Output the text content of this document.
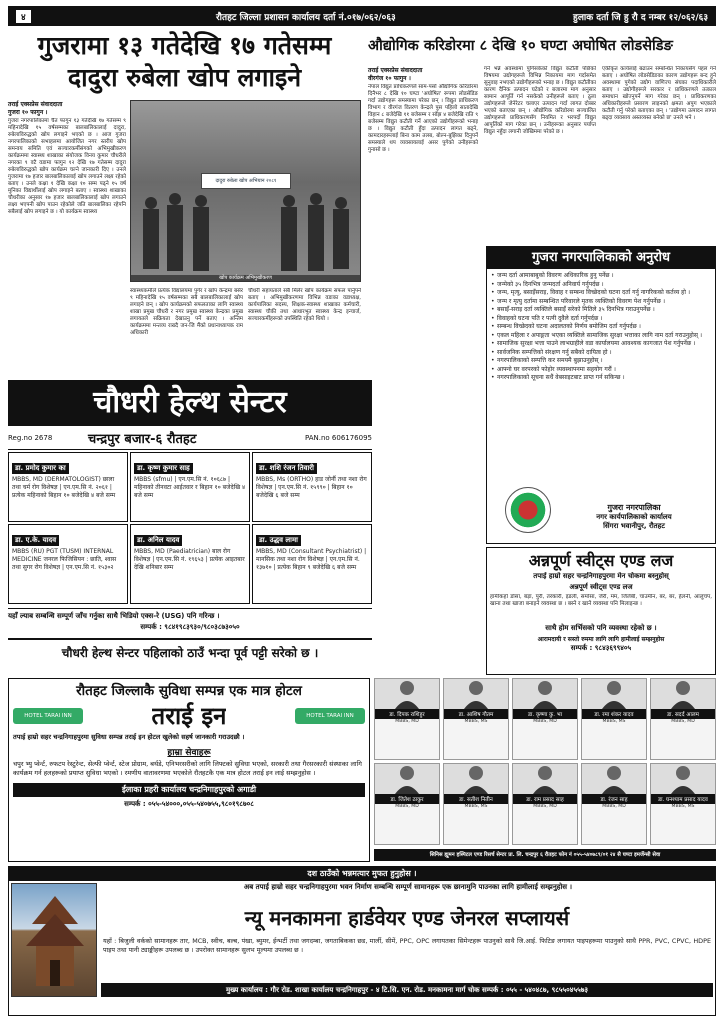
४	रौतहट जिल्ला प्रशासन कार्यालय दर्ता नं.०१७/०६२/०६३	हुलाक दर्ता जि हु रौ द नम्बर १२/०६२/६३
गुजरामा १३ गतेदेखि १७ गतेसम्म
दादुरा रुबेला खोप लगाइने
तराई एक्सप्रेस संवाददाता
गुजरा १० फागुन ।
गुजरा नगरपालिकामा चैत फागुन १३ गतेदेखि १७ गतेसम्म ९ महिनादेखि १५ वर्षसम्मका बालबालिकालाई दादुरा, रुबेलाविरुद्धको खोप लगाइने भएको छ । आज गुजरा नगरपालिकाको सभाहलमा आयोजित नगर स्तरीय खोप समन्वय समिति एवं सञ्चारकर्मीसंगको अभिमुखीकरण कार्यक्रममा स्वास्थ्य शाखाका संयोजक विनय कुमार चौधरीले नगरका ९ वटै वडामा फागुन १२ देखि १७ गतेसम्म दादुरा रुबेलाविरुद्धको खोप कार्यक्रम चल्ने जानकारी दिए । उनले गुजरामा १७ हजार बालबालिकालाई खोप लगाउने लक्ष्य रहेको बताए । उनले कक्षा १ देखि कक्षा १० सम्म पढ्ने १५ वर्ष मुनिका विद्यार्थीलाई खोप लगाइने बताए । स्वास्थ्य शाखाका चौधरीका अनुसार १७ हजार बालबालिकालाई खोप लगाउने लक्ष्य भएपनी खोप पाउन रहेकोले जति बालबालिका रहेपनि सबैलाई खोप लगाइने छ । यो कार्यक्रम स्वास्थ्य
दादुरा रुबेला खोप अभियान २०८१
खोप कार्यक्रम अभिमुखीकरण
स्वास्थ्यकर्मीले प्रत्येक विद्यालयमा पुगेर र खोप केन्द्रमा बसेर ९ महिनादेखि १५ वर्षसम्मका सबै बालबालिकालाई खोप लगाइने छन् । खोप कार्यक्रमको सफलताका लागि स्वास्थ्य शाखा प्रमुख चौधरी र नगर प्रमुख स्वास्थ्य केन्द्रका प्रमुख लगायतले सक्रियता देखाउनु पर्ने बताए । अन्तिम कार्यक्रममा मन्तव्य राख्दै जन-जि मैंको प्रधानाध्यापक राम अधिकारी
चौधरी सहायताले सबै मिलेर खोप कार्यक्रम सफल पार्नुपर्ने बताए । अभिमुखीकरणमा विभिन्न वडाका वडाध्यक्ष, कार्यपालिका सदस्य, शिक्षक-स्वास्थ्य शाखाका कर्मचारी, स्वास्थ्य चौकी तथा आधारभूत स्वास्थ्य केन्द्र इन्चार्ज, सञ्चारकर्मीहरूको उपस्थिति रहेको थियो ।
औद्योगिक करिडोरमा ८ देखि १० घण्टा अघोषित लोडसेडिङ
तराई एक्सप्रेस संवाददाता
वीरगंज १० फागुन ।
नेपाल विद्युत प्राधिकरणले साम-पर्सा औद्योगिक करिडोरमा दिनैभर ८ देखि १० घण्टा 'अघोषित' रूपमा लोडसेडिङ गर्दा उद्योगहरू समस्यामा परेका छन् । विद्युत प्राधिकरण विभाग र वीरगंज वितरण केन्द्रले पुस पहिलो सातादेखि विहान ८ बजेदेखि ११ बजेसम्म र साँझ ४ बजेदेखि राति ९ बजेसम्म विद्युत कटौती गर्ने आएको उद्योगीहरूको भनाइ छ । विद्युत कटौती हुँदा उत्पादन लागत बढ्ने, कामदारहरूलाई बिना काम तलब, बोल्न-बुझिका दिनुपर्ने समस्याले थप व्यवसायलाई असर पुगेको उनीहरूको गुनासो छ ।
गर्ने भन्ने अवस्थामा पुगिसकेको विद्युत कटौती पछिको विषयमा उद्योगहरूले विभिन्न निकायमा माग गर्दासमेत सुनुवाइ नभएको उद्योगीहरूको भनाइ छ । विद्युत कटौतीका कारण दैनिक उत्पादन घटेको र बजारमा माग अनुसार सामान आपूर्ति गर्न नसकेको उनीहरूले बताए । ठूला उद्योगहरूले जेनेरेटर चलाएर उत्पादन गर्दा लागत दोब्बर भएको बताएका छन् । औद्योगिक करिडोरमा सञ्चालित उद्योगहरूले प्राधिकरणसँग नियमित र भरपर्दो विद्युत आपूर्तिको माग गरेका छन् । उनीहरूका अनुसार पर्याप्त विद्युत नहुँदा लगानी जोखिममा परेको छ ।
एकीकृत कार्यलाई बढाउन सम्बन्धित निकायसँग पहल गर्ने बताए । अघोषित लोडसेडिङका कारण उद्योगहरू बन्द हुने अवस्थामा पुगेको उद्योग वाणिज्य संघका पदाधिकारीले बताए । उद्योगीहरूले सरकार र प्राधिकरणले तत्काल समाधान खोज्नुपर्ने माग गरेका छन् । प्राधिकरणका अधिकारीहरूले प्रसारण लाइनको क्षमता अपुग भएकाले कटौती गर्नु परेको बताएका छन् । 'उद्योगमा उत्पादन लागत बढ्दा व्यवसाय अस्तव्यस्त बनेको छ' उनले भने ।
गुजरा नगरपालिकाको अनुरोध
• जन्म दर्ता आमाबाबुको विवरण अधिकारिक हुनु पर्नेछ ।
• जन्मेको ३५ दिनभित्र जन्मदर्ता अनिवार्य गर्नुपर्दछ ।
• जन्म, मृत्यु, बसाइँसराइ, विवाह र सम्बन्ध विच्छेदको घटना दर्ता गर्नु नागरिकको कर्तव्य हो ।
• जन्म र मृत्यु दर्तामा सम्बन्धित परिवारले मृतक व्यक्तिको विवरण पेश गर्नुपर्नेछ ।
• बसाइँ-सराइ दर्ता व्यक्तिले बसाइँ सरेको मितिले ३५ दिनभित्र गराउनुपर्नेछ ।
• विवाहको घटना पति र पत्नी दुवैले दर्ता गर्नुपर्दछ ।
• सम्बन्ध विच्छेदको घटना अदालतको निर्णय बमोजिम दर्ता गर्नुपर्दछ ।
• एकल महिला र अपाङ्गता भएका व्यक्तिले सामाजिक सुरक्षा भत्ताका लागि नाम दर्ता गराउनुहोस् ।
• सामाजिक सुरक्षा भत्ता पाउने लाभग्राहीले वडा कार्यालयमा आवश्यक कागजात पेश गर्नुपर्नेछ ।
• सार्वजनिक सम्पत्तिको संरक्षण गर्नु सबैको दायित्व हो ।
• नगरपालिकाको सम्पत्ति कर समयमै बुझाउनुहोस् ।
• आफ्नो घर वरपरको फोहोर व्यवस्थापनमा सहयोग गरौं ।
• नगरपालिकाको सूचना सधैं वेबसाइटबाट प्राप्त गर्न सकिन्छ ।
गुजरा नगरपालिका
नगर कार्यपालिकाको कार्यालय
सिंगरा भवानीपुर, रौतहट
चौधरी हेल्थ सेन्टर
Reg.no 2678	चन्द्रपुर बजार-६ रौतहट	PAN.no 606176095
डा. प्रमोद कुमार का
MBBS, MD (DERMATOLOGIST) छाला तथा चर्म रोग विशेषज्ञ | एन.एम.सि नं. २०६१ | प्रत्येक महिनाको बिहान १० बजेदेखि ४ बजे सम्म
डा. कृष्ण कुमार साह
MBBS (sfmu) | एन.एम.सि नं. १०६८७ | महिनाको तीनवटा आईतवार र बिहान १० बजेदेखि ४ बजे सम्म
डा. शशि रंजन तिवारी
MBBS, Ms (ORTHO) हाड जोर्नी तथा नशा रोग विशेषज्ञ | एन.एम.सि नं. १५९९० | बिहान १० बजेदेखि ६ बजे सम्म
डा. ए.के. यादव
MBBS (RU) PGT (TUSM) INTERNAL MEDICINE जनरल फिजिसियन : छाति, श्वास तथा सुगर रोग विशेषज्ञ | एन.एम.सि नं. १५३०२
डा. अनिल यादव
MBBS, MD (Paediatrician) बाल रोग विशेषज्ञ | एन.एम.सि नं. १९६५३ | प्रत्येक आइतबार देखि शनिबार सम्म
डा. उद्धव लामा
MBBS, MD (Consultant Psychiatrist) | मानसिक तथा नशा रोग विशेषज्ञ | एन.एम.सि नं. १३७१० | प्रत्येक बिहान ९ बजेदेखि ६ बजे सम्म
यहाँ ल्याब सम्बन्धि सम्पूर्ण जाँच गर्नुका साथै भिडियो एक्स-रे (USG) पनि गरिन्छ ।
सम्पर्क : ९८४१९८३९३०/९८०३८७३०५०
चौधरी हेल्थ सेन्टर पहिलाको ठाउँ भन्दा पूर्व पट्टी सरेको छ ।
अन्नपूर्ण स्वीट्स एण्ड लज
तपाई हाम्रो सहर चन्द्रनिगाहपुरमा मेन चोकमा बस्नुहोस्
अन्नपूर्ण स्वीट्स एण्ड लज
हामीकहाँ डोसा, बड़ा, पुरी, तरकारी, इडली, समोसा, जेरी, मम, जिलेबी, चाउमीन, बर, बर, हेलनी, आलुचप, खाना तथा खाजा बनाइने व्यवस्था छ । बस्ने र खाने व्यवस्था पनि मिलाइन्छ ।
साथै होम सर्भिसको पनि व्यवस्था रहेको छ ।
आरामदायी र सस्तो रुममा लागि लागि हामीलाई सम्झनुहोस
सम्पर्क : ९८४३६९९४०५
रौतहट जिल्लाकै सुविधा सम्पन्न एक मात्र होटल
HOTEL TARAI INN	तराई इन	HOTEL TARAI INN
तपाई हाम्रो सहर चन्द्रनिगाहपुरमा सुविधा सम्पन्न तराई इन होटल खुलेको सहर्ष जानकारी गराउदछौ ।
हाम्रा सेवाहरू
चपुर भ्यु प्वेर्न्ट, रुफटप रेस्टुरेन्ट, सेल्फी प्वेर्न्ट, स्टेज प्रोग्राम, बर्थडे, एनिभरसरीको लागि लिफ्टको सुविधा भएको, सरकारी तथा गैरसरकारी संस्थाका लागि कार्यक्रम गर्न हलहरूको प्रयाप्त सुविधा भएको । रमणीय वातावरणमा भएकोले रौतहटकै एक मात्र होटल तराई इन लाई सम्झनुहोस ।
ईलाका प्रहरी कार्यालय चन्द्रनिगाहपुरको अगाडी
सम्पर्क : ०५५-५४०००,०५५-५४०७५५,९८०१९८७०८
डा. दिपक राशिहुर
MBBS, MD
डा. आशिष गौतम
MBBS, MS
डा. कृष्णा कु. भा
MBBS, MD
डा. रमा शंकर यादव
MBBS, MS
डा. सदर्द आलम
MBBS, MD
डा. जितेश ठाकुर
MBBS, MD
डा. सतीश नितीन
MBBS, MS
डा. राम प्रसाद साह
MBBS, MD
डा. रंजन साह
MBBS, MD
डा. घनश्याम प्रसाद यादव
MBBS, MS
सिनिस ह्युमन हस्पिटल एण्ड रिसर्च सेन्टर प्रा. लि. चन्द्रपुर ६ रौतहट फोन नं ०५५-५४०७८९/०१ २४ सै घण्टा इमर्जेन्सी सेवा
दश ठाउँको भन्नमत्यार मुफत हुनुहोस ।
अब तपाई हाम्रो सहर चन्द्रनिगाहपुरमा भवन निर्माण सम्बन्धि सम्पूर्ण सामानहरू एक छानामुनि पाउनका लागि हामीलाई सम्झनुहोस ।
न्यू मनकामना हार्डवेयर एण्ड जेनरल सप्लायर्स
यहाँ : बिजुली वर्कको सामानहरू तार, MCB, स्वीच, बल्ब, पंखा, ब्युमर, ईन्भर्टी तथा जगदम्बा, जगताबिकका छड, मार्ली, सीमें, PPC, OPC लगायतका सिमेन्टहरू पाउनुको साथै जि.आई. फिटिङ लगायत पाइपहरूमा पाउनुको साथै PPR, PVC, CPVC, HDPE पाइप तथा पानी ट्याङ्कीहरू उपलब्ध छ । उपरोक्त सामानहरू सुलभ मूल्यमा उपलब्ध छ ।
मुख्य कार्यालय : गौर रोड. शाखा कार्यालय चन्द्रनिगाहपुर - ४ टि.सि. एन. रोड. मनकामना मार्ग चोक सम्पर्क : ०५५ - ५४०४८७, ९८५५०४५५७३
